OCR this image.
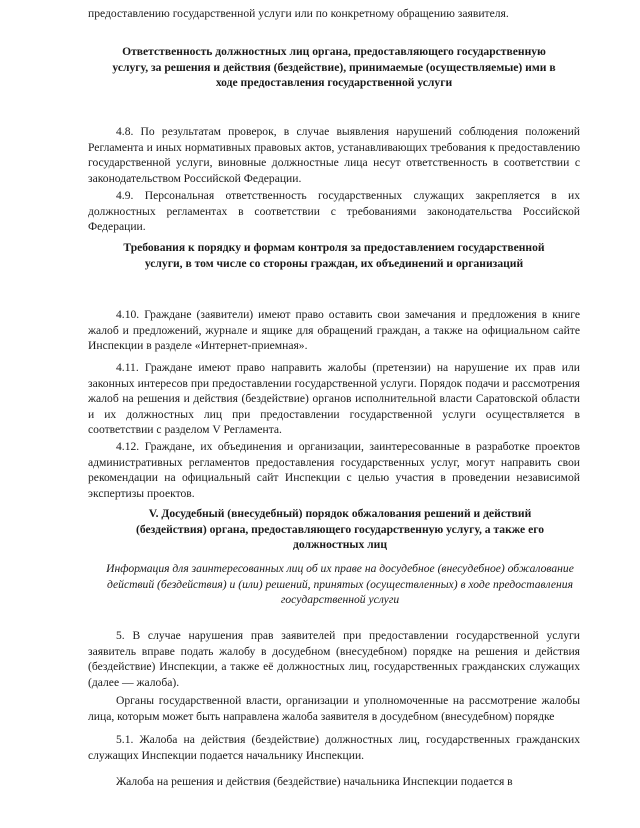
предоставлению государственной услуги или по конкретному обращению заявителя.
Ответственность должностных лиц органа, предоставляющего государственную услугу, за решения и действия (бездействие), принимаемые (осуществляемые) ими в ходе предоставления государственной услуги
4.8. По результатам проверок, в случае выявления нарушений соблюдения положений Регламента и иных нормативных правовых актов, устанавливающих требования к предоставлению государственной услуги, виновные должностные лица несут ответственность в соответствии с законодательством Российской Федерации.
4.9. Персональная ответственность государственных служащих закрепляется в их должностных регламентах в соответствии с требованиями законодательства Российской Федерации.
Требования к порядку и формам контроля за предоставлением государственной услуги, в том числе со стороны граждан, их объединений и организаций
4.10. Граждане (заявители) имеют право оставить свои замечания и предложения в книге жалоб и предложений, журнале и ящике для обращений граждан, а также на официальном сайте Инспекции в разделе «Интернет-приемная».
4.11. Граждане имеют право направить жалобы (претензии) на нарушение их прав или законных интересов при предоставлении государственной услуги. Порядок подачи и рассмотрения жалоб на решения и действия (бездействие) органов исполнительной власти Саратовской области и их должностных лиц при предоставлении государственной услуги осуществляется в соответствии с разделом V Регламента.
4.12. Граждане, их объединения и организации, заинтересованные в разработке проектов административных регламентов предоставления государственных услуг, могут направить свои рекомендации на официальный сайт Инспекции с целью участия в проведении независимой экспертизы проектов.
V. Досудебный (внесудебный) порядок обжалования решений и действий (бездействия) органа, предоставляющего государственную услугу, а также его должностных лиц
Информация для заинтересованных лиц об их праве на досудебное (внесудебное) обжалование действий (бездействия) и (или) решений, принятых (осуществленных) в ходе предоставления государственной услуги
5. В случае нарушения прав заявителей при предоставлении государственной услуги заявитель вправе подать жалобу в досудебном (внесудебном) порядке на решения и действия (бездействие) Инспекции, а также её должностных лиц, государственных гражданских служащих (далее — жалоба).
Органы государственной власти, организации и уполномоченные на рассмотрение жалобы лица, которым может быть направлена жалоба заявителя в досудебном (внесудебном) порядке
5.1. Жалоба на действия (бездействие) должностных лиц, государственных гражданских служащих Инспекции подается начальнику Инспекции.
Жалоба на решения и действия (бездействие) начальника Инспекции подается в
